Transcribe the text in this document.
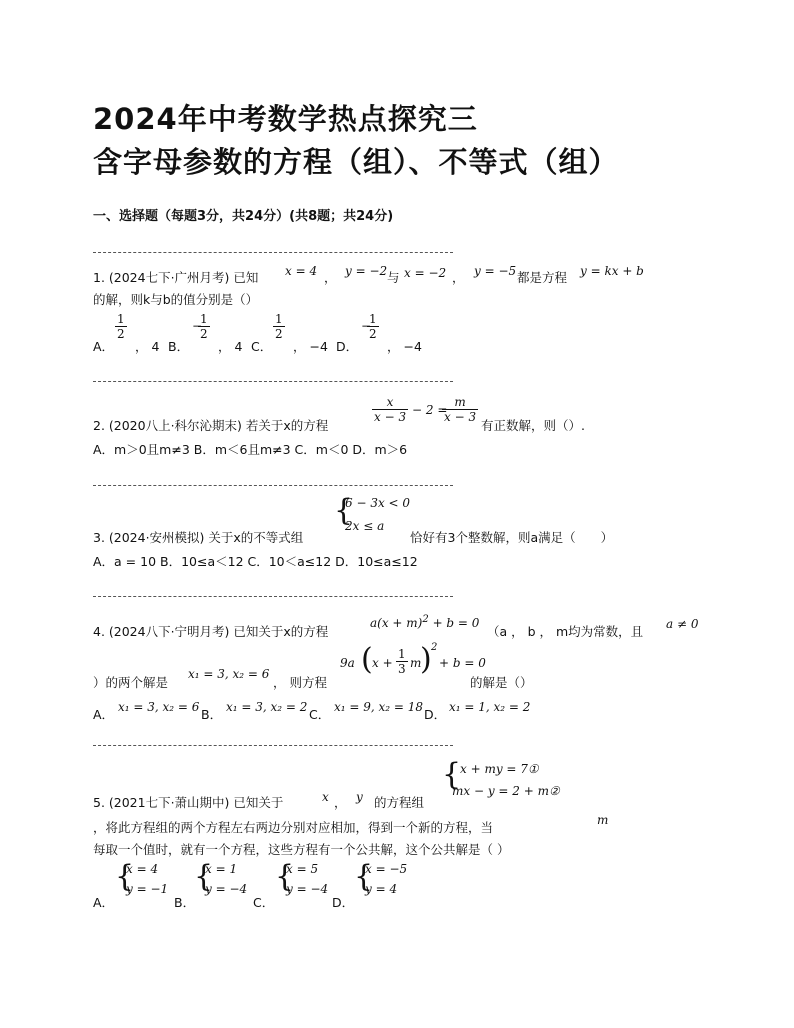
2024年中考数学热点探究三
含字母参数的方程（组）、不等式（组）
一、选择题（每题3分，共24分）(共8题；共24分)
1. (2024七下·广州月考) 已知 x = 4 ， y = −2 与 x = −2 ， y = −5 都是方程 y = kx + b
的解，则k与b的值分别是（）
A．
$\frac{1}{2}$
， 4 B．
−
$\frac{1}{2}$
， 4 C．
$\frac{1}{2}$
， −4 D．
−
$\frac{1}{2}$
， −4
2. (2020八上·科尔沁期末) 若关于x的方程
$\frac{x}{x - 3} - 2$ =
$\frac{m}{x - 3}$
有正数解，则（）.
A．m＞0且m≠3 B．m＜6且m≠3 C．m＜0 D．m＞6
{
6 − 3x < 0
2x ≤ a
3. (2024·安州模拟) 关于x的不等式组	恰好有3个整数解，则a满足（　　）
A．a = 10 B．10≤a＜12 C．10＜a≤12 D．10≤a≤12
4. (2024八下·宁明月考) 已知关于x的方程
$a(x + m)^2 + b = 0$
（a ， b ， m均为常数，且 a ≠ 0
）的两个解是
x₁ = 3, x₂ = 6
， 则方程
9a ( $x + \frac{1}{3}$ m
) 2
+ b = 0
的解是（）
A． x₁ = 3, x₂ = 6 B． x₁ = 3, x₂ = 2 C． x₁ = 9, x₂ = 18 D． x₁ = 1, x₂ = 2
{
x + my = 7①
mx − y = 2 + m②
5. (2021七下·萧山期中) 已知关于	x ， y 的方程组
，将此方程组的两个方程左右两边分别对应相加，得到一个新的方程，当	m
每取一个值时，就有一个方程，这些方程有一个公共解，这个公共解是（ ）
A．
{
x = 4
y = −1
B．
{
x = 1
y = −4
C．
{
x = 5
y = −4
D．
{
x = −5
y = 4
